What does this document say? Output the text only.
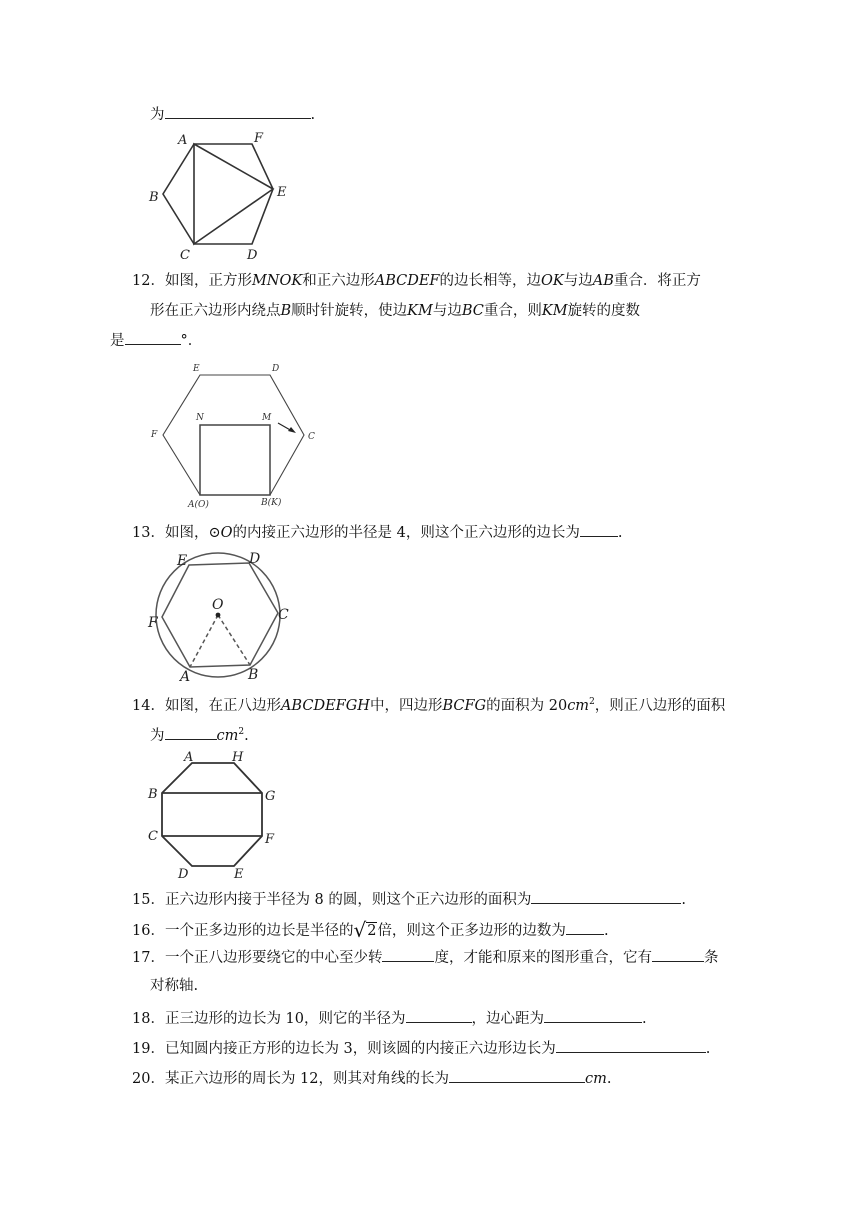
为	.
A	F
B	E
C	D
12．如图，正方形MNOK和正六边形ABCDEF的边长相等，边OK与边AB重合．将正方
形在正六边形内绕点B顺时针旋转，使边KM与边BC重合，则KM旋转的度数
是	°．
E	D
F	C
N	M
A(O)	B(K)
13．如图，⊙O的内接正六边形的半径是 4，则这个正六边形的边长为	.
E	D
O
F	C
A	B
14．如图，在正八边形ABCDEFGH中，四边形BCFG的面积为 $20cm^2$，则正八边形的面积
为	$cm^2$.
A	H
B	G
C	F
D	E
15．正六边形内接于半径为 8 的圆，则这个正六边形的面积为	.
16．一个正多边形的边长是半径的√2倍，则这个正多边形的边数为	.
17．一个正八边形要绕它的中心至少转	度，才能和原来的图形重合，它有	条
对称轴.
18．正三边形的边长为 10，则它的半径为	，边心距为	.
19．已知圆内接正方形的边长为 3，则该圆的内接正六边形边长为	.
20．某正六边形的周长为 12，则其对角线的长为	cm.
